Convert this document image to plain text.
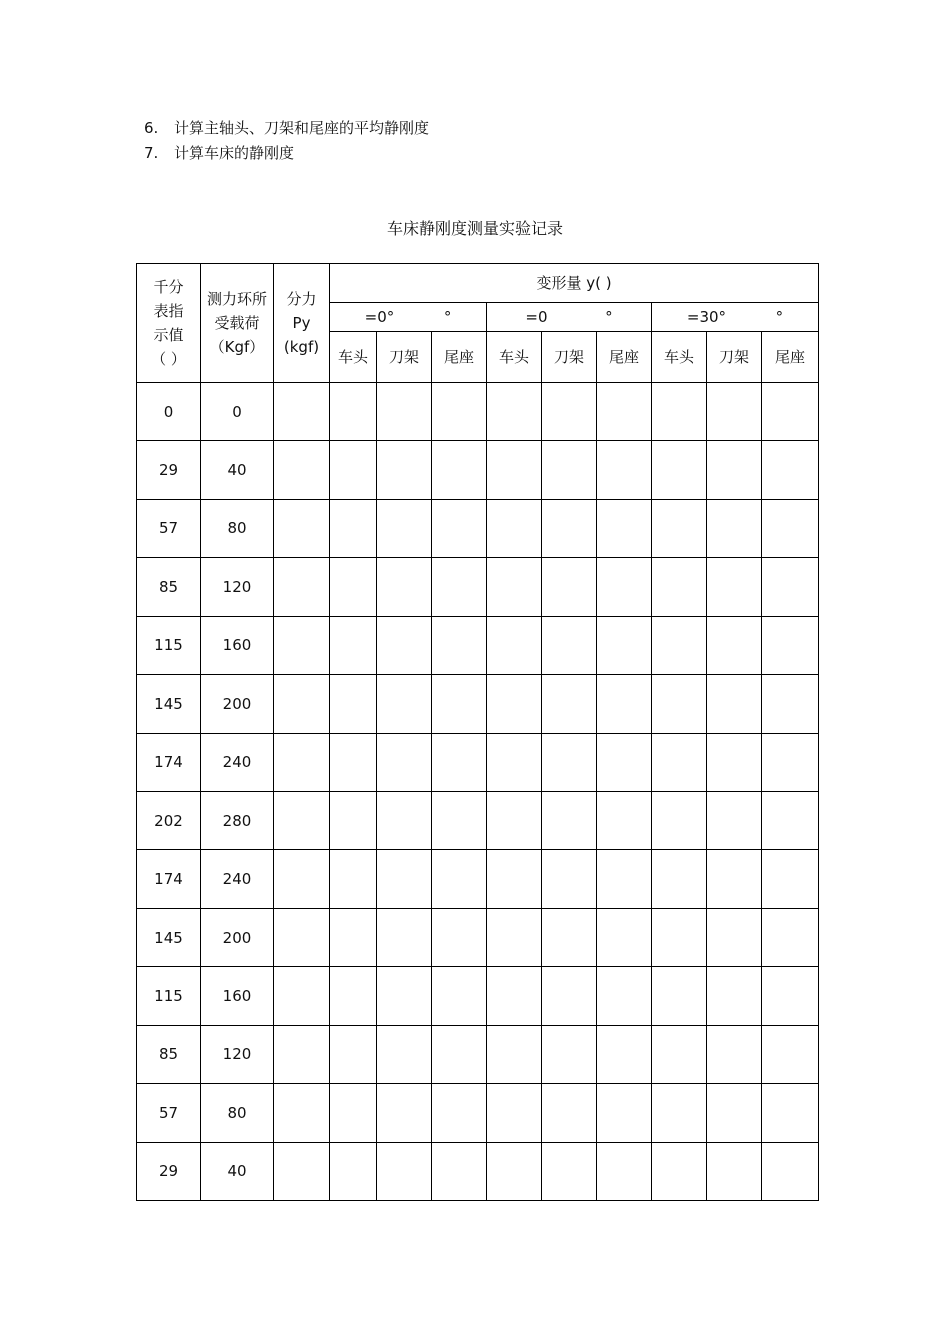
6.	计算主轴头、刀架和尾座的平均静刚度
7.	计算车床的静刚度
车床静刚度测量实验记录
千分表指示值（ ）	测力环所受载荷（Kgf）	分力Py (kgf)	变形量 y( )								
			=0° °			=0 °			=30° °		
			车头	刀架	尾座	车头	刀架	尾座	车头	刀架	尾座
0	0										
29	40										
57	80										
85	120										
115	160										
145	200										
174	240										
202	280										
174	240										
145	200										
115	160										
85	120										
57	80										
29	40										
